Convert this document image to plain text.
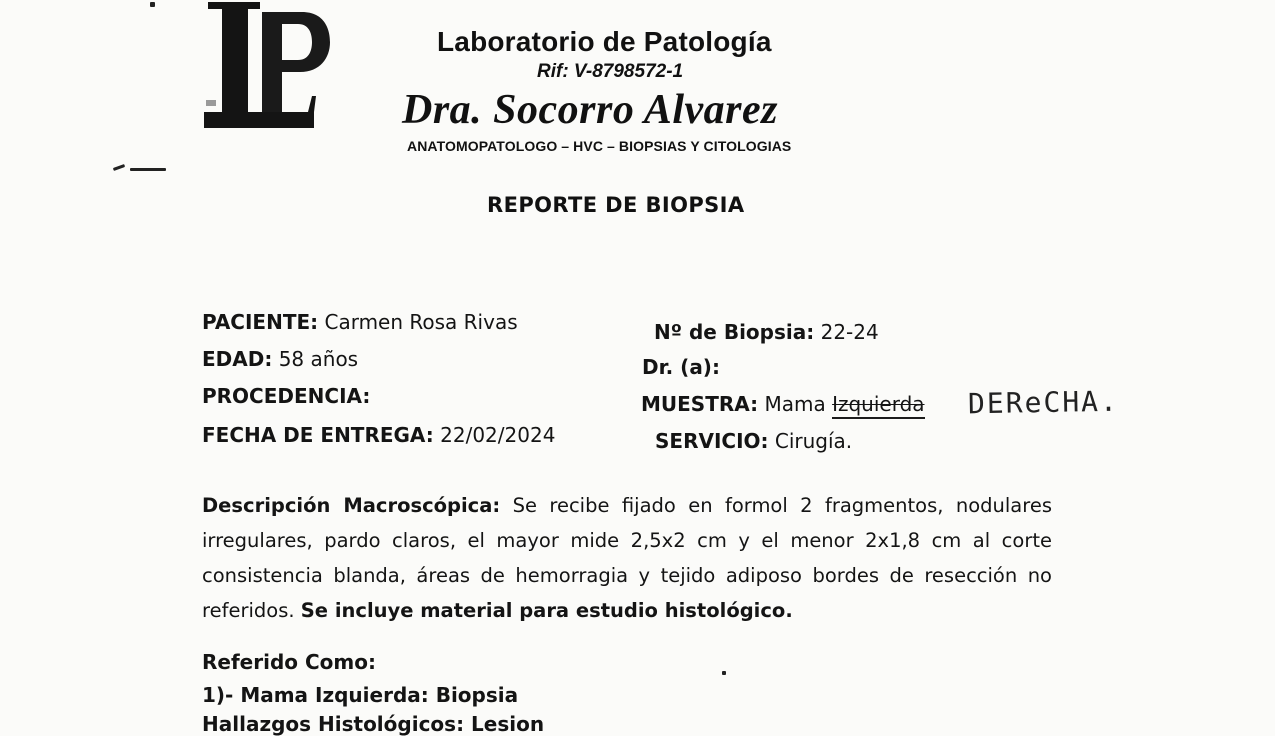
Laboratorio de Patología
Rif: V-8798572-1
Dra. Socorro Alvarez
ANATOMOPATOLOGO – HVC – BIOPSIAS Y CITOLOGIAS
REPORTE DE BIOPSIA
PACIENTE: Carmen Rosa Rivas
EDAD: 58 años
PROCEDENCIA:
FECHA DE ENTREGA: 22/02/2024
Nº de Biopsia: 22-24
Dr. (a):
MUESTRA: Mama Izquierda DEReCHA.
SERVICIO: Cirugía.
Descripción Macroscópica: Se recibe fijado en formol 2 fragmentos, nodulares irregulares, pardo claros, el mayor mide 2,5x2 cm y el menor 2x1,8 cm al corte consistencia blanda, áreas de hemorragia y tejido adiposo bordes de resección no referidos. Se incluye material para estudio histológico.
Referido Como:
1)- Mama Izquierda: Biopsia
Hallazgos Histológicos: Lesion
